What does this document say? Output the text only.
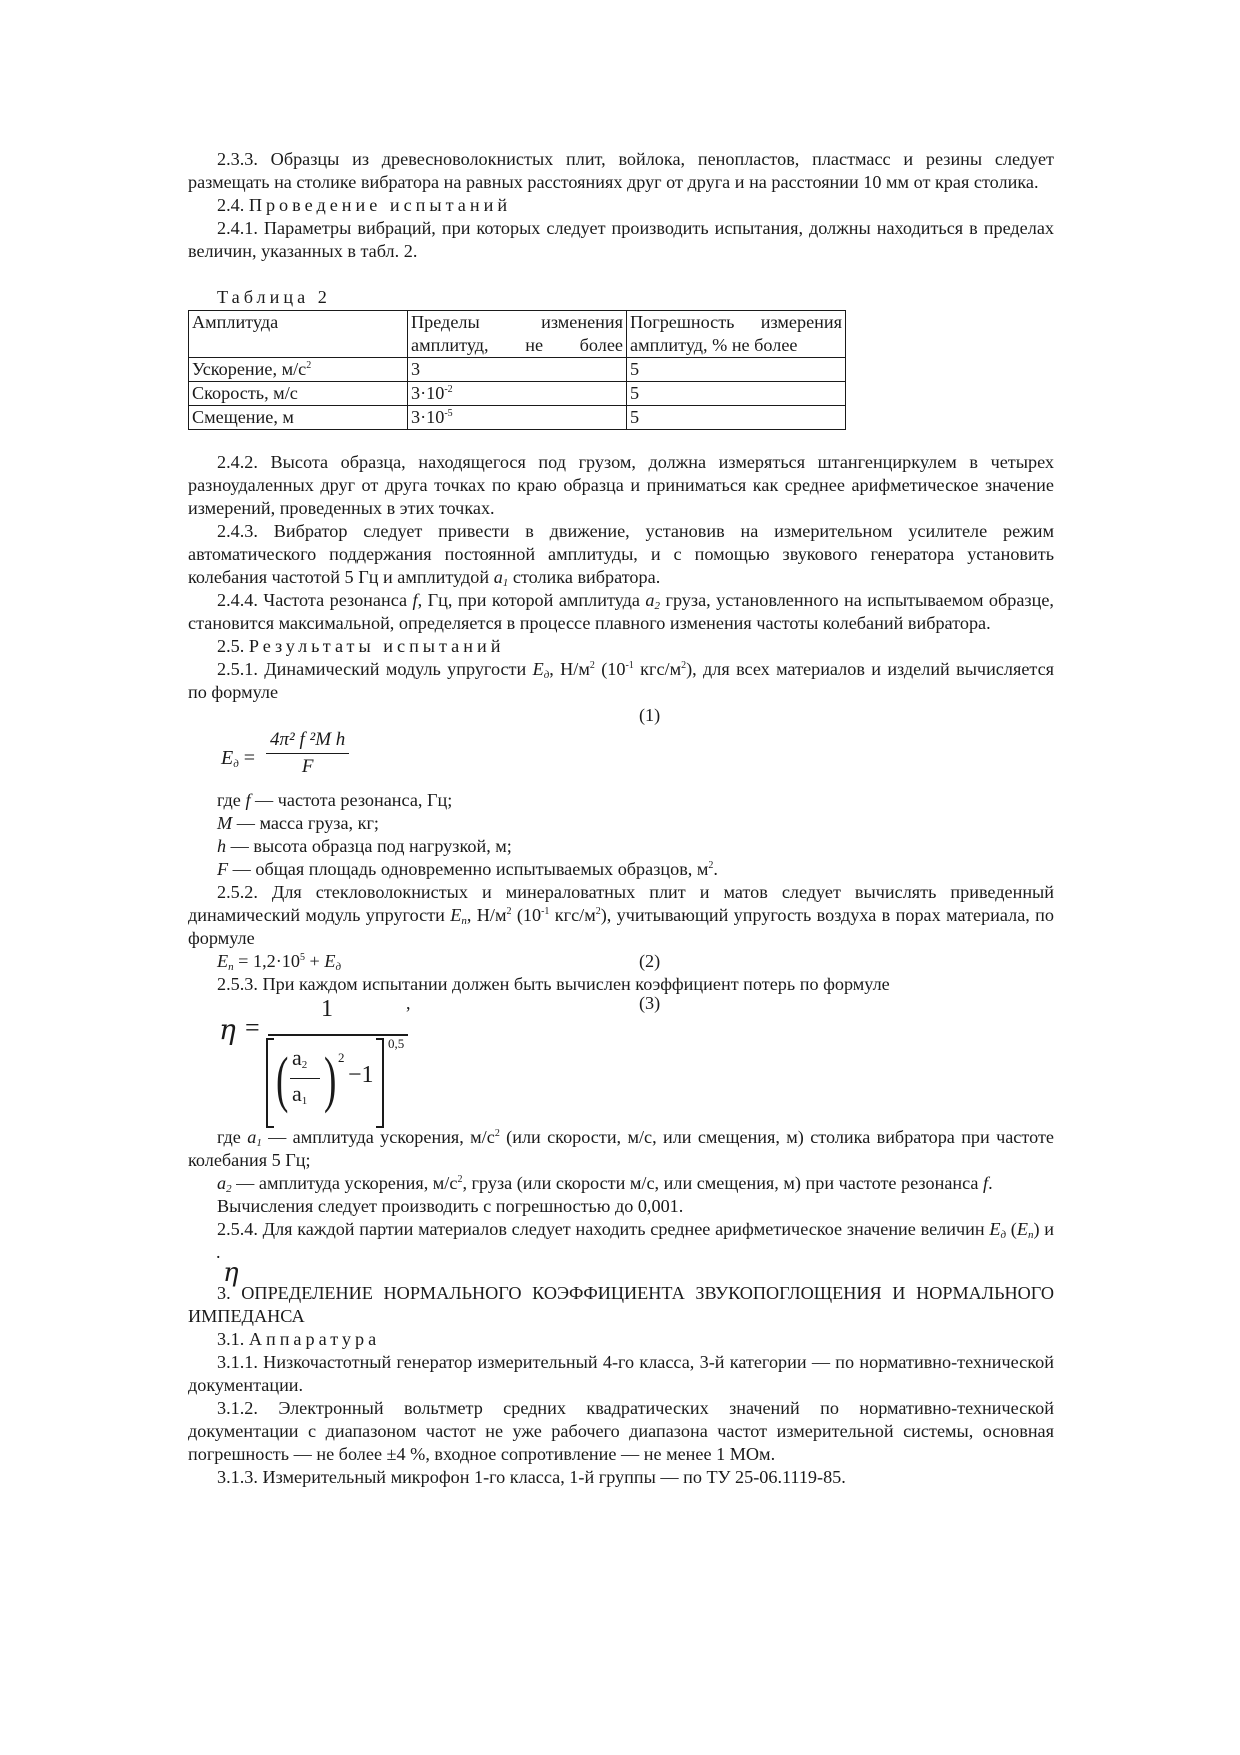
2.3.3. Образцы из древесноволокнистых плит, войлока, пенопластов, пластмасс и резины следует размещать на столике вибратора на равных расстояниях друг от друга и на расстоянии 10 мм от края столика.

2.4. Проведение испытаний

2.4.1. Параметры вибраций, при которых следует производить испытания, должны находиться в пределах величин, указанных в табл. 2.

Таблица 2
Амплитуда	Пределы изменения амплитуд, не более	Погрешность измерения амплитуд, % не более
Ускорение, $м/с^2$	3	5
Скорость, м/с	$3\cdot 10^{-2}$	5
Смещение, м	$3\cdot 10^{-5}$	5

2.4.2. Высота образца, находящегося под грузом, должна измеряться штангенциркулем в четырех разноудаленных друг от друга точках по краю образца и приниматься как среднее арифметическое значение измерений, проведенных в этих точках.

2.4.3. Вибратор следует привести в движение, установив на измерительном усилителе режим автоматического поддержания постоянной амплитуды, и с помощью звукового генератора установить колебания частотой 5 Гц и амплитудой $a_1$ столика вибратора.

2.4.4. Частота резонанса f, Гц, при которой амплитуда $a_2$ груза, установленного на испытываемом образце, становится максимальной, определяется в процессе плавного изменения частоты колебаний вибратора.

2.5. Результаты испытаний

2.5.1. Динамический модуль упругости $E_д$, $Н/м^2$ ($10^{-1}$ кгс/$м^2$), для всех материалов и изделий вычисляется по формуле

(1)
$E_д = \frac{\text{4π² f ²M h}}{F}$

где f — частота резонанса, Гц;

M — масса груза, кг;

h — высота образца под нагрузкой, м;

F — общая площадь одновременно испытываемых образцов, $м^2$.

2.5.2. Для стекловолокнистых и минераловатных плит и матов следует вычислять приведенный динамический модуль упругости $E_п$, $Н/м^2$ ($10^{-1}$ кгс/$м^2$), учитывающий упругость воздуха в порах материала, по формуле

$E_п = 1,2\cdot 10^5 + E_д$	(2)

2.5.3. При каждом испытании должен быть вычислен коэффициент потерь по формуле

,	(3)
η =
1
( )
$a_2$
$a_1$
2
−1
0,5

где $a_1$ — амплитуда ускорения, $м/с^2$ (или скорости, м/с, или смещения, м) столика вибратора при частоте колебания 5 Гц;

$a_2$ — амплитуда ускорения, $м/с^2$, груза (или скорости м/с, или смещения, м) при частоте резонанса f.

Вычисления следует производить с погрешностью до 0,001.

2.5.4. Для каждой партии материалов следует находить среднее арифметическое значение величин $E_д$ $(E_п)$ и
η
.

3. ОПРЕДЕЛЕНИЕ НОРМАЛЬНОГО КОЭФФИЦИЕНТА ЗВУКОПОГЛОЩЕНИЯ И НОРМАЛЬНОГО ИМПЕДАНСА

3.1. Аппаратура

3.1.1. Низкочастотный генератор измерительный 4-го класса, 3-й категории — по нормативно-технической документации.

3.1.2. Электронный вольтметр средних квадратических значений по нормативно-технической документации с диапазоном частот не уже рабочего диапазона частот измерительной системы, основная погрешность — не более ±4 %, входное сопротивление — не менее 1 МОм.

3.1.3. Измерительный микрофон 1-го класса, 1-й группы — по ТУ 25-06.1119-85.
